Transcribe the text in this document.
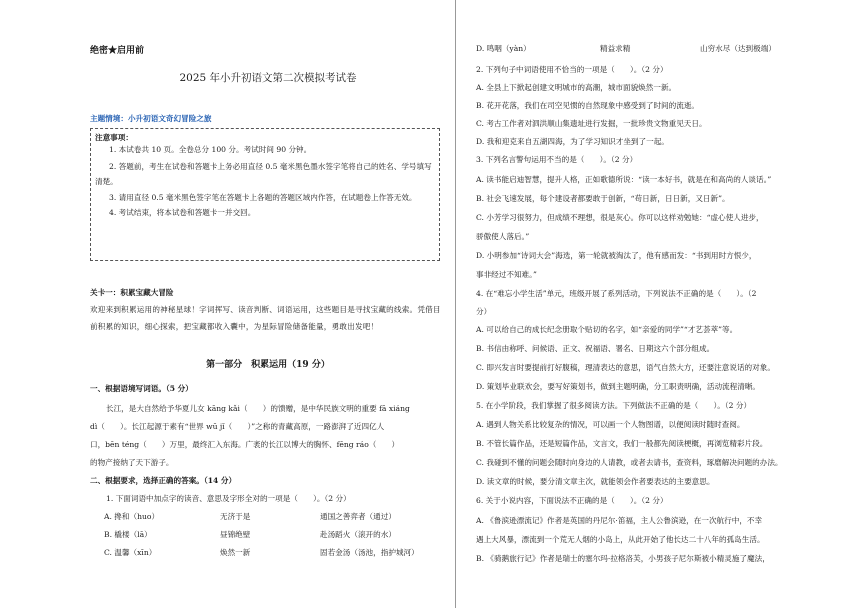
绝密★启用前
2025 年小升初语文第二次模拟考试卷
主题情境：小升初语文奇幻冒险之旅
注意事项：

1. 本试卷共 10 页。全卷总分 100 分。考试时间 90 分钟。

2. 答题前，考生在试卷和答题卡上务必用直径 0.5 毫米黑色墨水签字笔将自己的姓名、学号填写清楚。

3. 请用直径 0.5 毫米黑色签字笔在答题卡上各题的答题区域内作答，在试题卷上作答无效。

4. 考试结束，将本试卷和答题卡一并交回。

关卡一：积累宝藏大冒险
欢迎来到积累运用的神秘星球！字词挥写、读音判断、词语运用，这些题目是寻找宝藏的线索。凭借目前积累的知识，细心探索，把宝藏都收入囊中，为星际冒险储备能量，勇敢出发吧！
第一部分　积累运用（19 分）

一、根据语境写词语。（5 分）

长江，是大自然给予华夏儿女 kāng kǎi（　　）的馈赠，是中华民族文明的重要 fā xiáng

dì（　　）。长江起源于素有“世界 wū jǐ（　　）”之称的青藏高原，一路澎湃了近四亿人

口，bēn téng（　　）万里，最终汇入东海。广袤的长江以博大的胸怀、fēng ráo（　　）

的物产接纳了天下游子。

二、根据要求，选择正确的答案。（14 分）

1. 下面词语中加点字的读音、意思及字形全对的一项是（　　）。（2 分）

A. 搀和（huo）	无济于是	通国之善弈者（通过）
B. 橇楼（lā）	昼锦绝壁	赴汤蹈火（滚开的水）
C. 温馨（xīn）	焕然一新	固若金汤（汤池，指护城河）
D. 鸣咽（yàn）	精益求精	山穷水尽（达到极端）

2. 下列句子中词语使用不恰当的一项是（　　）。（2 分）

A. 全县上下掀起创建文明城市的高潮，城市面貌焕然一新。

B. 花开花落，我们在司空见惯的自然现象中感受到了时间的流逝。

C. 考古工作者对泗洪顺山集遗址进行发掘，一批珍贵文物重见天日。

D. 我和迎克来自五湖四海，为了学习知识才坐到了一起。

3. 下列名言警句运用不当的是（　　）。（2 分）

A. 读书能启迪智慧，提升人格，正如歌德所说：“读一本好书，就是在和高尚的人谈话。”

B. 社会飞速发展，每个建设者都要敢于创新，“苟日新，日日新，又日新”。

C. 小芳学习很努力，但成绩不理想，很是灰心。你可以这样劝勉她：“虚心使人进步，

骄傲使人落后。”

D. 小明参加“诗词大会”海选，第一轮就被淘汰了，他有感而发：“书到用时方恨少，

事非经过不知难。”

4. 在“难忘小学生活”单元，班级开展了系列活动，下列说法不正确的是（　　）。（2

分）

A. 可以给自己的成长纪念册取个贴切的名字，如“亲爱的同学”“才艺荟萃”等。

B. 书信由称呼、问候语、正文、祝福语、署名、日期这六个部分组成。

C. 即兴发言时要提前打好腹稿，理清表达的意思，语气自然大方，还要注意说话的对象。

D. 策划毕业联欢会，要写好策划书，做到主题明确，分工职责明确，活动流程清晰。

5. 在小学阶段，我们掌握了很多阅读方法。下列做法不正确的是（　　）。（2 分）

A. 遇到人物关系比较复杂的情况，可以画一个人物图谱，以便阅读时随时查阅。

B. 不管长篇作品，还是短篇作品，文言文，我们一般都先阅读梗概，再浏览精彩片段。

C. 我碰到不懂的问题会随时向身边的人请教，或者去请书，查资料，琢磨解决问题的办法。

D. 读文章的时候，要分清文章主次，就能领会作者要表达的主要意思。

6. 关于小说内容，下面说法不正确的是（　　）。（2 分）

A. 《鲁滨逊漂流记》作者是英国的丹尼尔·笛福，主人公鲁滨逊，在一次航行中，不幸

遇上大风暴，漂流到一个荒无人烟的小岛上，从此开始了他长达二十八年的孤岛生活。

B. 《骑鹅旅行记》作者是瑞士的塞尔玛·拉格洛芙，小男孩子尼尔斯被小精灵施了魔法，
